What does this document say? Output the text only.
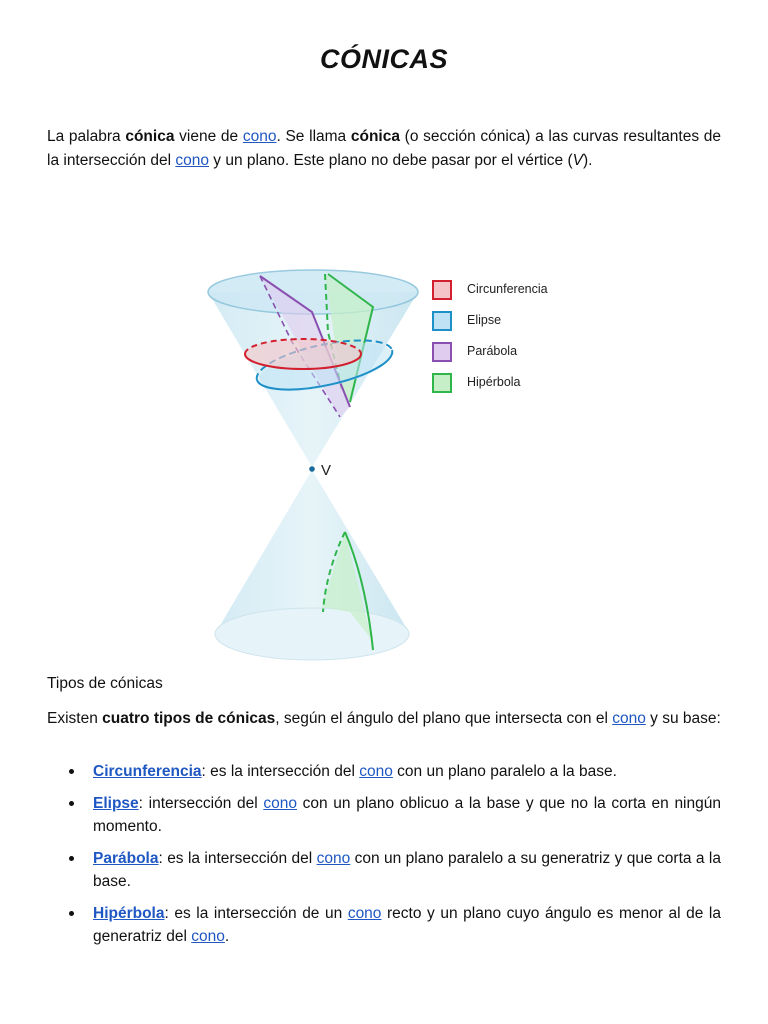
CÓNICAS

La palabra cónica viene de cono. Se llama cónica (o sección cónica) a las curvas resultantes de la intersección del cono y un plano. Este plano no debe pasar por el vértice (V).

V
Circunferencia
Elipse
Parábola
Hipérbola
Tipos de cónicas

Existen cuatro tipos de cónicas, según el ángulo del plano que intersecta con el cono y su base:

Circunferencia: es la intersección del cono con un plano paralelo a la base.
Elipse: intersección del cono con un plano oblicuo a la base y que no la corta en ningún momento.
Parábola: es la intersección del cono con un plano paralelo a su generatriz y que corta a la base.
Hipérbola: es la intersección de un cono recto y un plano cuyo ángulo es menor al de la generatriz del cono.
